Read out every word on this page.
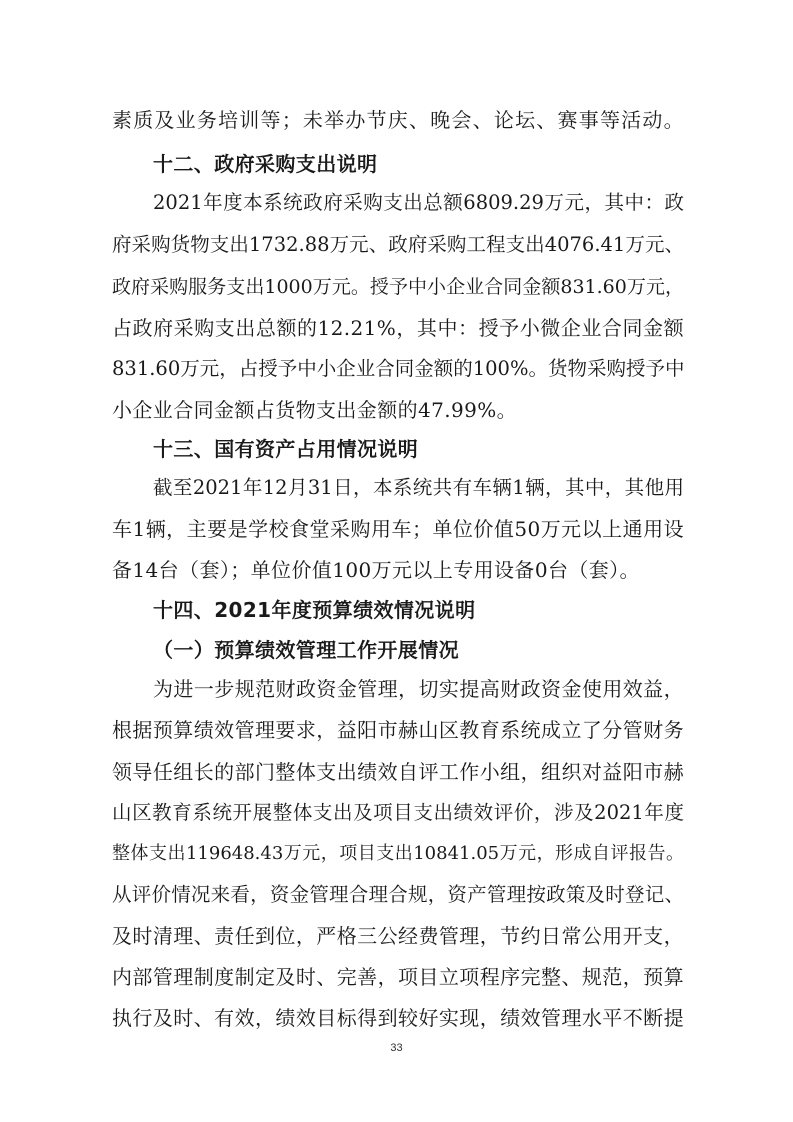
素质及业务培训等；未举办节庆、晚会、论坛、赛事等活动。
十二、政府采购支出说明
2021年度本系统政府采购支出总额6809.29万元，其中：政
府采购货物支出1732.88万元、政府采购工程支出4076.41万元、
政府采购服务支出1000万元。授予中小企业合同金额831.60万元，
占政府采购支出总额的12.21%，其中：授予小微企业合同金额
831.60万元，占授予中小企业合同金额的100%。货物采购授予中
小企业合同金额占货物支出金额的47.99%。
十三、国有资产占用情况说明
截至2021年12月31日，本系统共有车辆1辆，其中，其他用
车1辆，主要是学校食堂采购用车；单位价值50万元以上通用设
备14台（套）；单位价值100万元以上专用设备0台（套）。
十四、2021年度预算绩效情况说明
（一）预算绩效管理工作开展情况
为进一步规范财政资金管理，切实提高财政资金使用效益，
根据预算绩效管理要求，益阳市赫山区教育系统成立了分管财务
领导任组长的部门整体支出绩效自评工作小组，组织对益阳市赫
山区教育系统开展整体支出及项目支出绩效评价，涉及2021年度
整体支出119648.43万元，项目支出10841.05万元，形成自评报告。
从评价情况来看，资金管理合理合规，资产管理按政策及时登记、
及时清理、责任到位，严格三公经费管理，节约日常公用开支，
内部管理制度制定及时、完善，项目立项程序完整、规范，预算
执行及时、有效，绩效目标得到较好实现，绩效管理水平不断提
33
